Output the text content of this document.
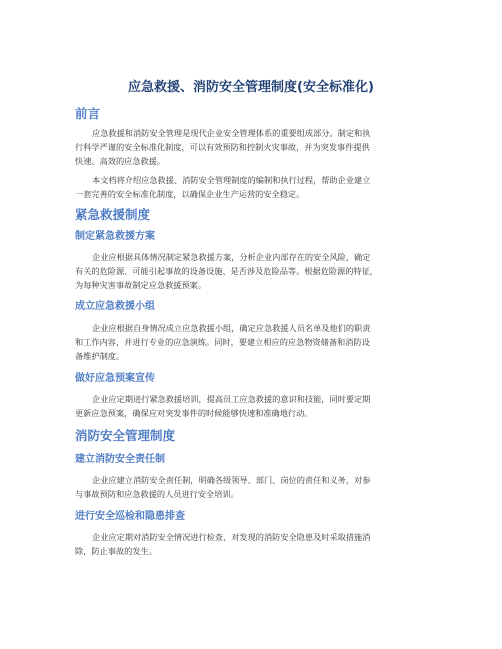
应急救援、消防安全管理制度(安全标准化)
前言
应急救援和消防安全管理是现代企业安全管理体系的重要组成部分。制定和执
行科学严谨的安全标准化制度，可以有效预防和控制火灾事故，并为突发事件提供
快速、高效的应急救援。
本文档将介绍应急救援、消防安全管理制度的编制和执行过程，帮助企业建立
一套完善的安全标准化制度，以确保企业生产运营的安全稳定。
紧急救援制度
制定紧急救援方案
企业应根据具体情况制定紧急救援方案，分析企业内部存在的安全风险，确定
有关的危险源、可能引起事故的设备设施、是否涉及危险品等。根据危险源的特征，
为每种灾害事故制定应急救援预案。
成立应急救援小组
企业应根据自身情况成立应急救援小组，确定应急救援人员名单及他们的职责
和工作内容，并进行专业的应急演练。同时，要建立相应的应急物资储备和消防设
备维护制度。
做好应急预案宣传
企业应定期进行紧急救援培训，提高员工应急救援的意识和技能，同时要定期
更新应急预案，确保应对突发事件的时候能够快速和准确地行动。
消防安全管理制度
建立消防安全责任制
企业应建立消防安全责任制，明确各级领导、部门、岗位的责任和义务，对参
与事故预防和应急救援的人员进行安全培训。
进行安全巡检和隐患排查
企业应定期对消防安全情况进行检查，对发现的消防安全隐患及时采取措施消
除，防止事故的发生。
